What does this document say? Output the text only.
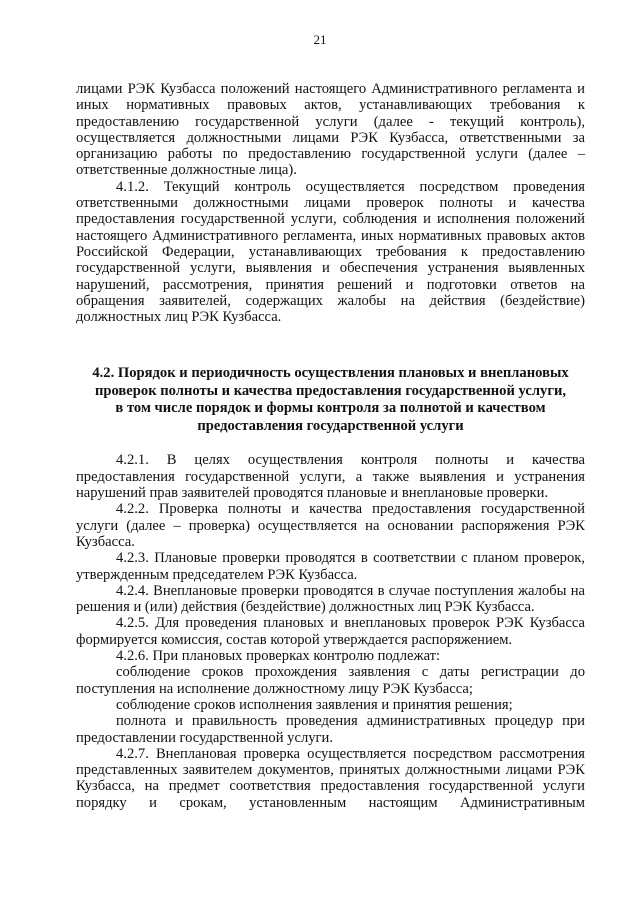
21

лицами РЭК Кузбасса положений настоящего Административного регламента и иных нормативных правовых актов, устанавливающих требования к предоставлению государственной услуги (далее - текущий контроль), осуществляется должностными лицами РЭК Кузбасса, ответственными за организацию работы по предоставлению государственной услуги (далее – ответственные должностные лица).

4.1.2. Текущий контроль осуществляется посредством проведения ответственными должностными лицами проверок полноты и качества предоставления государственной услуги, соблюдения и исполнения положений настоящего Административного регламента, иных нормативных правовых актов Российской Федерации, устанавливающих требования к предоставлению государственной услуги, выявления и обеспечения устранения выявленных нарушений, рассмотрения, принятия решений и подготовки ответов на обращения заявителей, содержащих жалобы на действия (бездействие) должностных лиц РЭК Кузбасса.

4.2. Порядок и периодичность осуществления плановых и внеплановых

проверок полноты и качества предоставления государственной услуги,

в том числе порядок и формы контроля за полнотой и качеством

предоставления государственной услуги

4.2.1. В целях осуществления контроля полноты и качества предоставления государственной услуги, а также выявления и устранения нарушений прав заявителей проводятся плановые и внеплановые проверки.

4.2.2. Проверка полноты и качества предоставления государственной услуги (далее – проверка) осуществляется на основании распоряжения РЭК Кузбасса.

4.2.3. Плановые проверки проводятся в соответствии с планом проверок, утвержденным председателем РЭК Кузбасса.

4.2.4. Внеплановые проверки проводятся в случае поступления жалобы на решения и (или) действия (бездействие) должностных лиц РЭК Кузбасса.

4.2.5. Для проведения плановых и внеплановых проверок РЭК Кузбасса формируется комиссия, состав которой утверждается распоряжением.

4.2.6. При плановых проверках контролю подлежат:

соблюдение сроков прохождения заявления с даты регистрации до поступления на исполнение должностному лицу РЭК Кузбасса;

соблюдение сроков исполнения заявления и принятия решения;

полнота и правильность проведения административных процедур при предоставлении государственной услуги.

4.2.7. Внеплановая проверка осуществляется посредством рассмотрения представленных заявителем документов, принятых должностными лицами РЭК Кузбасса, на предмет соответствия предоставления государственной услуги порядку и срокам, установленным настоящим Административным
